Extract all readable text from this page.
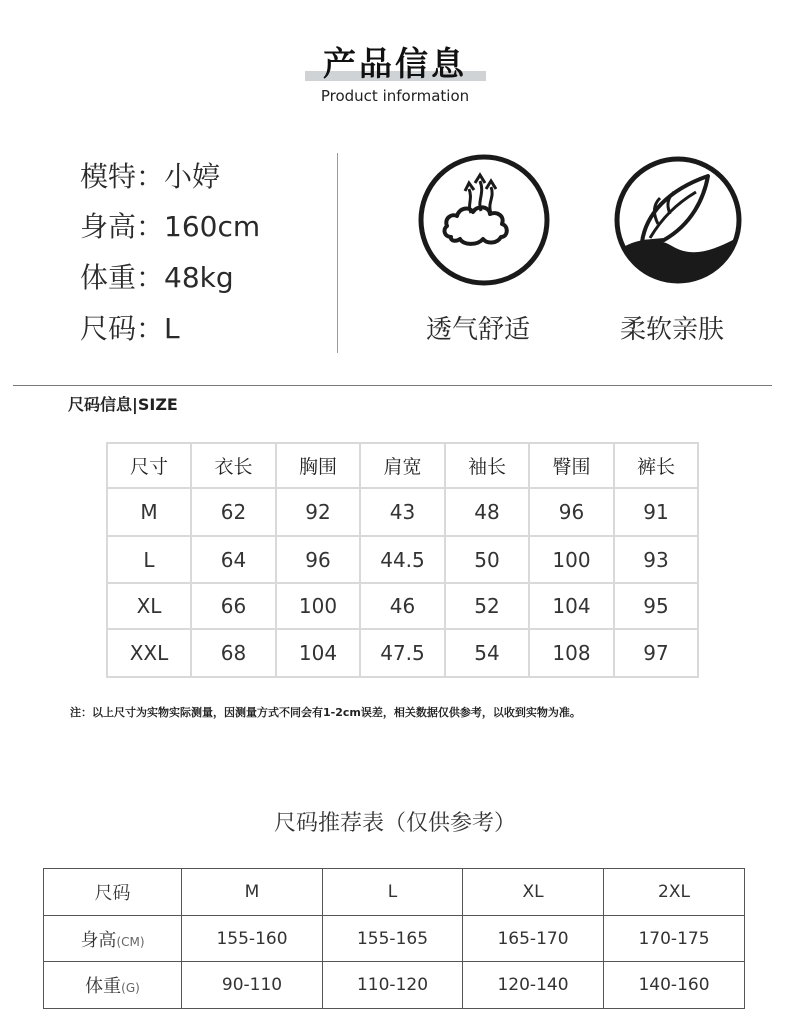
产品信息
Product information
模特：小婷
身高：160cm
体重：48kg
尺码：L	透气舒适	柔软亲肤
尺码信息|SIZE
尺寸	衣长	胸围	肩宽	袖长	臀围	裤长
M	62	92	43	48	96	91
L	64	96	44.5	50	100	93
XL	66	100	46	52	104	95
XXL	68	104	47.5	54	108	97
注：以上尺寸为实物实际测量，因测量方式不同会有1-2cm误差，相关数据仅供参考，以收到实物为准。
尺码推荐表（仅供参考）
尺码	M	L	XL	2XL
身高(CM)	155-160	155-165	165-170	170-175
体重(G)	90-110	110-120	120-140	140-160
